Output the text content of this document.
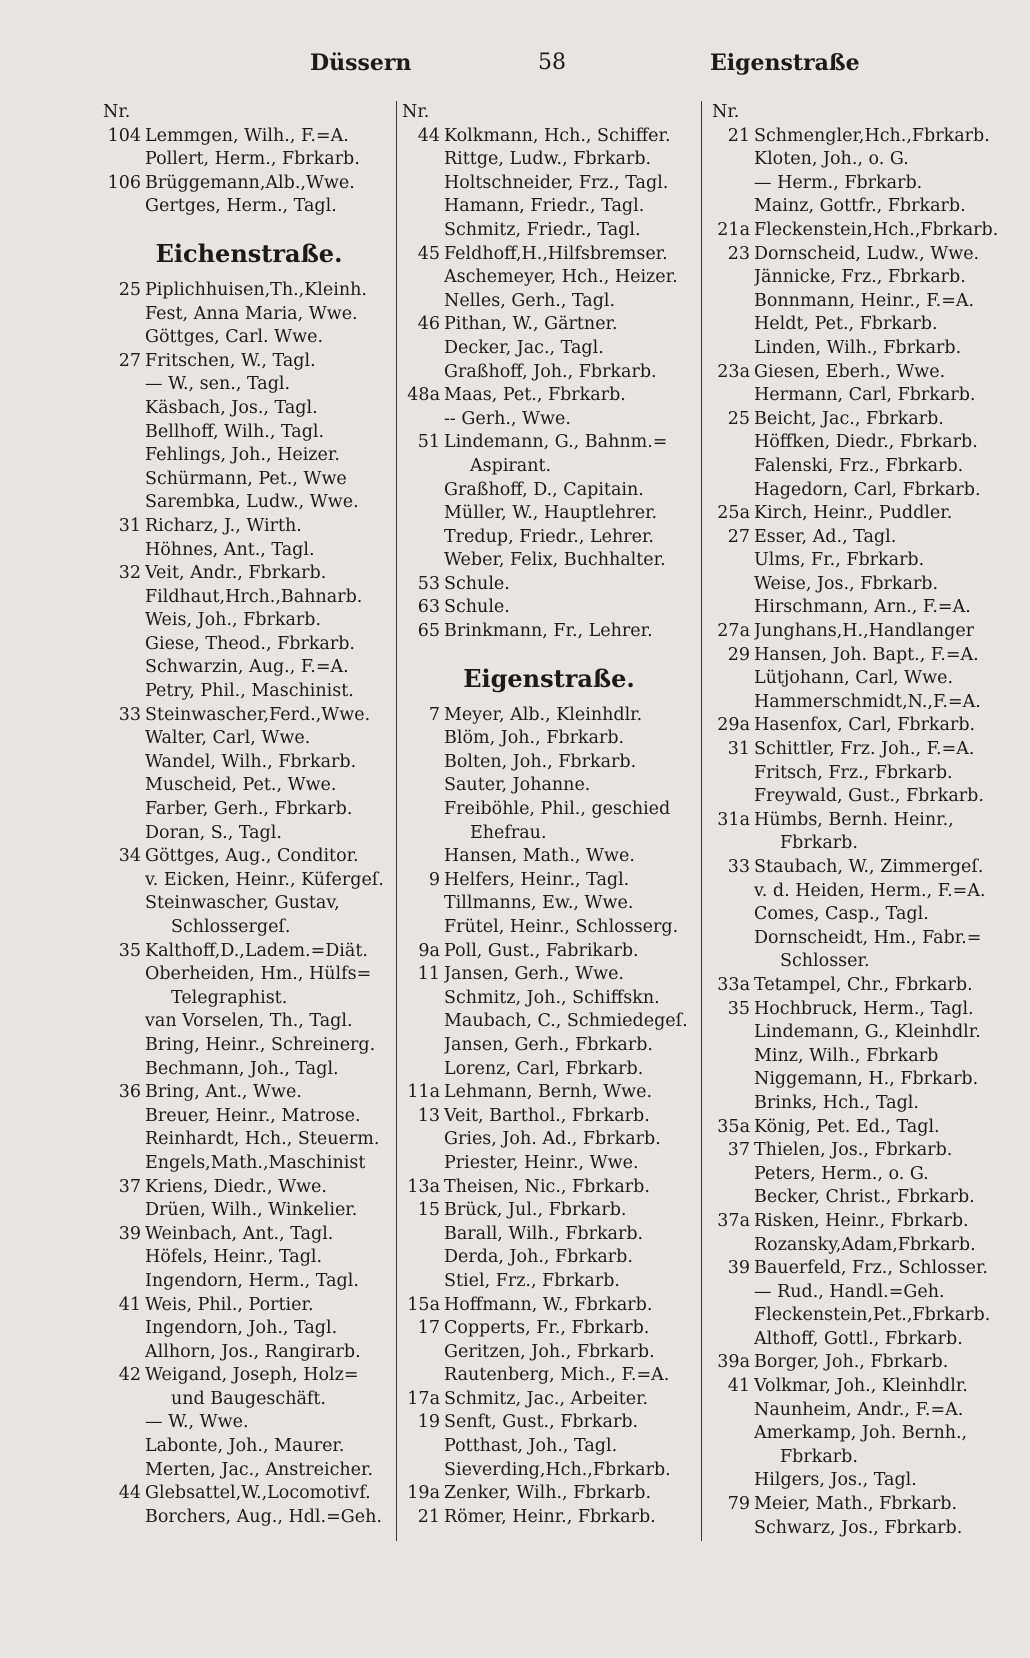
Düssern	58	Eigenstraße
Nr.
104 Lemmgen, Wilh., F.=A.
Pollert, Herm., Fbrkarb.
106 Brüggemann,Alb.,Wwe.
Gertges, Herm., Tagl.
Eichenstraße.
25 Piplichhuisen,Th.,Kleinh.
Fest, Anna Maria, Wwe.
Göttges, Carl. Wwe.
27 Fritschen, W., Tagl.
— W., sen., Tagl.
Käsbach, Jos., Tagl.
Bellhoff, Wilh., Tagl.
Fehlings, Joh., Heizer.
Schürmann, Pet., Wwe
Sarembka, Ludw., Wwe.
31 Richarz, J., Wirth.
Höhnes, Ant., Tagl.
32 Veit, Andr., Fbrkarb.
Fildhaut,Hrch.,Bahnarb.
Weis, Joh., Fbrkarb.
Giese, Theod., Fbrkarb.
Schwarzin, Aug., F.=A.
Petry, Phil., Maschinist.
33 Steinwascher,Ferd.,Wwe.
Walter, Carl, Wwe.
Wandel, Wilh., Fbrkarb.
Muscheid, Pet., Wwe.
Farber, Gerh., Fbrkarb.
Doran, S., Tagl.
34 Göttges, Aug., Conditor.
v. Eicken, Heinr., Küfergeſ.
Steinwascher, Gustav,
Schlossergeſ.
35 Kalthoff,D.,Ladem.=Diät.
Oberheiden, Hm., Hülfs=
Telegraphist.
van Vorselen, Th., Tagl.
Bring, Heinr., Schreinerg.
Bechmann, Joh., Tagl.
36 Bring, Ant., Wwe.
Breuer, Heinr., Matrose.
Reinhardt, Hch., Steuerm.
Engels,Math.,Maschinist
37 Kriens, Diedr., Wwe.
Drüen, Wilh., Winkelier.
39 Weinbach, Ant., Tagl.
Höfels, Heinr., Tagl.
Ingendorn, Herm., Tagl.
41 Weis, Phil., Portier.
Ingendorn, Joh., Tagl.
Allhorn, Jos., Rangirarb.
42 Weigand, Joseph, Holz=
und Baugeschäft.
— W., Wwe.
Labonte, Joh., Maurer.
Merten, Jac., Anstreicher.
44 Glebsattel,W.,Locomotivf.
Borchers, Aug., Hdl.=Geh.
Nr.
44 Kolkmann, Hch., Schiffer.
Rittge, Ludw., Fbrkarb.
Holtschneider, Frz., Tagl.
Hamann, Friedr., Tagl.
Schmitz, Friedr., Tagl.
45 Feldhoff,H.,Hilfsbremser.
Aschemeyer, Hch., Heizer.
Nelles, Gerh., Tagl.
46 Pithan, W., Gärtner.
Decker, Jac., Tagl.
Graßhoff, Joh., Fbrkarb.
48a Maas, Pet., Fbrkarb.
-- Gerh., Wwe.
51 Lindemann, G., Bahnm.=
Aspirant.
Graßhoff, D., Capitain.
Müller, W., Hauptlehrer.
Tredup, Friedr., Lehrer.
Weber, Felix, Buchhalter.
53 Schule.
63 Schule.
65 Brinkmann, Fr., Lehrer.
Eigenstraße.
7 Meyer, Alb., Kleinhdlr.
Blöm, Joh., Fbrkarb.
Bolten, Joh., Fbrkarb.
Sauter, Johanne.
Freiböhle, Phil., geschied
Ehefrau.
Hansen, Math., Wwe.
9 Helfers, Heinr., Tagl.
Tillmanns, Ew., Wwe.
Frütel, Heinr., Schlosserg.
9a Poll, Gust., Fabrikarb.
11 Jansen, Gerh., Wwe.
Schmitz, Joh., Schiffskn.
Maubach, C., Schmiedegeſ.
Jansen, Gerh., Fbrkarb.
Lorenz, Carl, Fbrkarb.
11a Lehmann, Bernh, Wwe.
13 Veit, Barthol., Fbrkarb.
Gries, Joh. Ad., Fbrkarb.
Priester, Heinr., Wwe.
13a Theisen, Nic., Fbrkarb.
15 Brück, Jul., Fbrkarb.
Barall, Wilh., Fbrkarb.
Derda, Joh., Fbrkarb.
Stiel, Frz., Fbrkarb.
15a Hoffmann, W., Fbrkarb.
17 Copperts, Fr., Fbrkarb.
Geritzen, Joh., Fbrkarb.
Rautenberg, Mich., F.=A.
17a Schmitz, Jac., Arbeiter.
19 Senft, Gust., Fbrkarb.
Potthast, Joh., Tagl.
Sieverding,Hch.,Fbrkarb.
19a Zenker, Wilh., Fbrkarb.
21 Römer, Heinr., Fbrkarb.
Nr.
21 Schmengler,Hch.,Fbrkarb.
Kloten, Joh., o. G.
— Herm., Fbrkarb.
Mainz, Gottfr., Fbrkarb.
21a Fleckenstein,Hch.,Fbrkarb.
23 Dornscheid, Ludw., Wwe.
Jännicke, Frz., Fbrkarb.
Bonnmann, Heinr., F.=A.
Heldt, Pet., Fbrkarb.
Linden, Wilh., Fbrkarb.
23a Giesen, Eberh., Wwe.
Hermann, Carl, Fbrkarb.
25 Beicht, Jac., Fbrkarb.
Höffken, Diedr., Fbrkarb.
Falenski, Frz., Fbrkarb.
Hagedorn, Carl, Fbrkarb.
25a Kirch, Heinr., Puddler.
27 Esser, Ad., Tagl.
Ulms, Fr., Fbrkarb.
Weise, Jos., Fbrkarb.
Hirschmann, Arn., F.=A.
27a Junghans,H.,Handlanger
29 Hansen, Joh. Bapt., F.=A.
Lütjohann, Carl, Wwe.
Hammerschmidt,N.,F.=A.
29a Hasenfox, Carl, Fbrkarb.
31 Schittler, Frz. Joh., F.=A.
Fritsch, Frz., Fbrkarb.
Freywald, Gust., Fbrkarb.
31a Hümbs, Bernh. Heinr.,
Fbrkarb.
33 Staubach, W., Zimmergeſ.
v. d. Heiden, Herm., F.=A.
Comes, Casp., Tagl.
Dornscheidt, Hm., Fabr.=
Schlosser.
33a Tetampel, Chr., Fbrkarb.
35 Hochbruck, Herm., Tagl.
Lindemann, G., Kleinhdlr.
Minz, Wilh., Fbrkarb
Niggemann, H., Fbrkarb.
Brinks, Hch., Tagl.
35a König, Pet. Ed., Tagl.
37 Thielen, Jos., Fbrkarb.
Peters, Herm., o. G.
Becker, Christ., Fbrkarb.
37a Risken, Heinr., Fbrkarb.
Rozansky,Adam,Fbrkarb.
39 Bauerfeld, Frz., Schlosser.
— Rud., Handl.=Geh.
Fleckenstein,Pet.,Fbrkarb.
Althoff, Gottl., Fbrkarb.
39a Borger, Joh., Fbrkarb.
41 Volkmar, Joh., Kleinhdlr.
Naunheim, Andr., F.=A.
Amerkamp, Joh. Bernh.,
Fbrkarb.
Hilgers, Jos., Tagl.
79 Meier, Math., Fbrkarb.
Schwarz, Jos., Fbrkarb.
